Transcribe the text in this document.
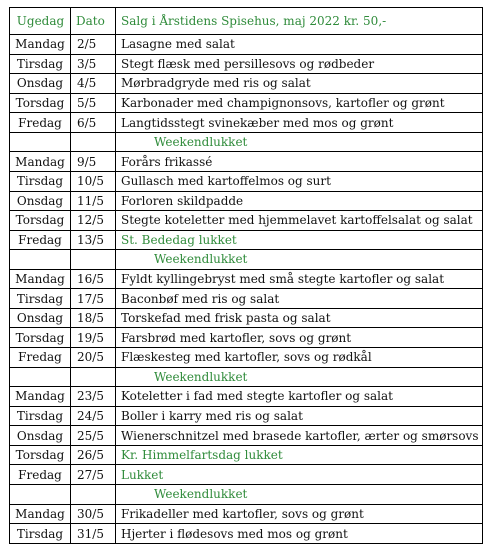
Ugedag	Dato	Salg i Årstidens Spisehus, maj 2022 kr. 50,-
Mandag	2/5	Lasagne med salat
Tirsdag	3/5	Stegt flæsk med persillesovs og rødbeder
Onsdag	4/5	Mørbradgryde med ris og salat
Torsdag	5/5	Karbonader med champignonsovs, kartofler og grønt
Fredag	6/5	Langtidsstegt svinekæber med mos og grønt
		Weekendlukket
Mandag	9/5	Forårs frikassé
Tirsdag	10/5	Gullasch med kartoffelmos og surt
Onsdag	11/5	Forloren skildpadde
Torsdag	12/5	Stegte koteletter med hjemmelavet kartoffelsalat og salat
Fredag	13/5	St. Bededag lukket
		Weekendlukket
Mandag	16/5	Fyldt kyllingebryst med små stegte kartofler og salat
Tirsdag	17/5	Baconbøf med ris og salat
Onsdag	18/5	Torskefad med frisk pasta og salat
Torsdag	19/5	Farsbrød med kartofler, sovs og grønt
Fredag	20/5	Flæskesteg med kartofler, sovs og rødkål
		Weekendlukket
Mandag	23/5	Koteletter i fad med stegte kartofler og salat
Tirsdag	24/5	Boller i karry med ris og salat
Onsdag	25/5	Wienerschnitzel med brasede kartofler, ærter og smørsovs
Torsdag	26/5	Kr. Himmelfartsdag lukket
Fredag	27/5	Lukket
		Weekendlukket
Mandag	30/5	Frikadeller med kartofler, sovs og grønt
Tirsdag	31/5	Hjerter i flødesovs med mos og grønt
